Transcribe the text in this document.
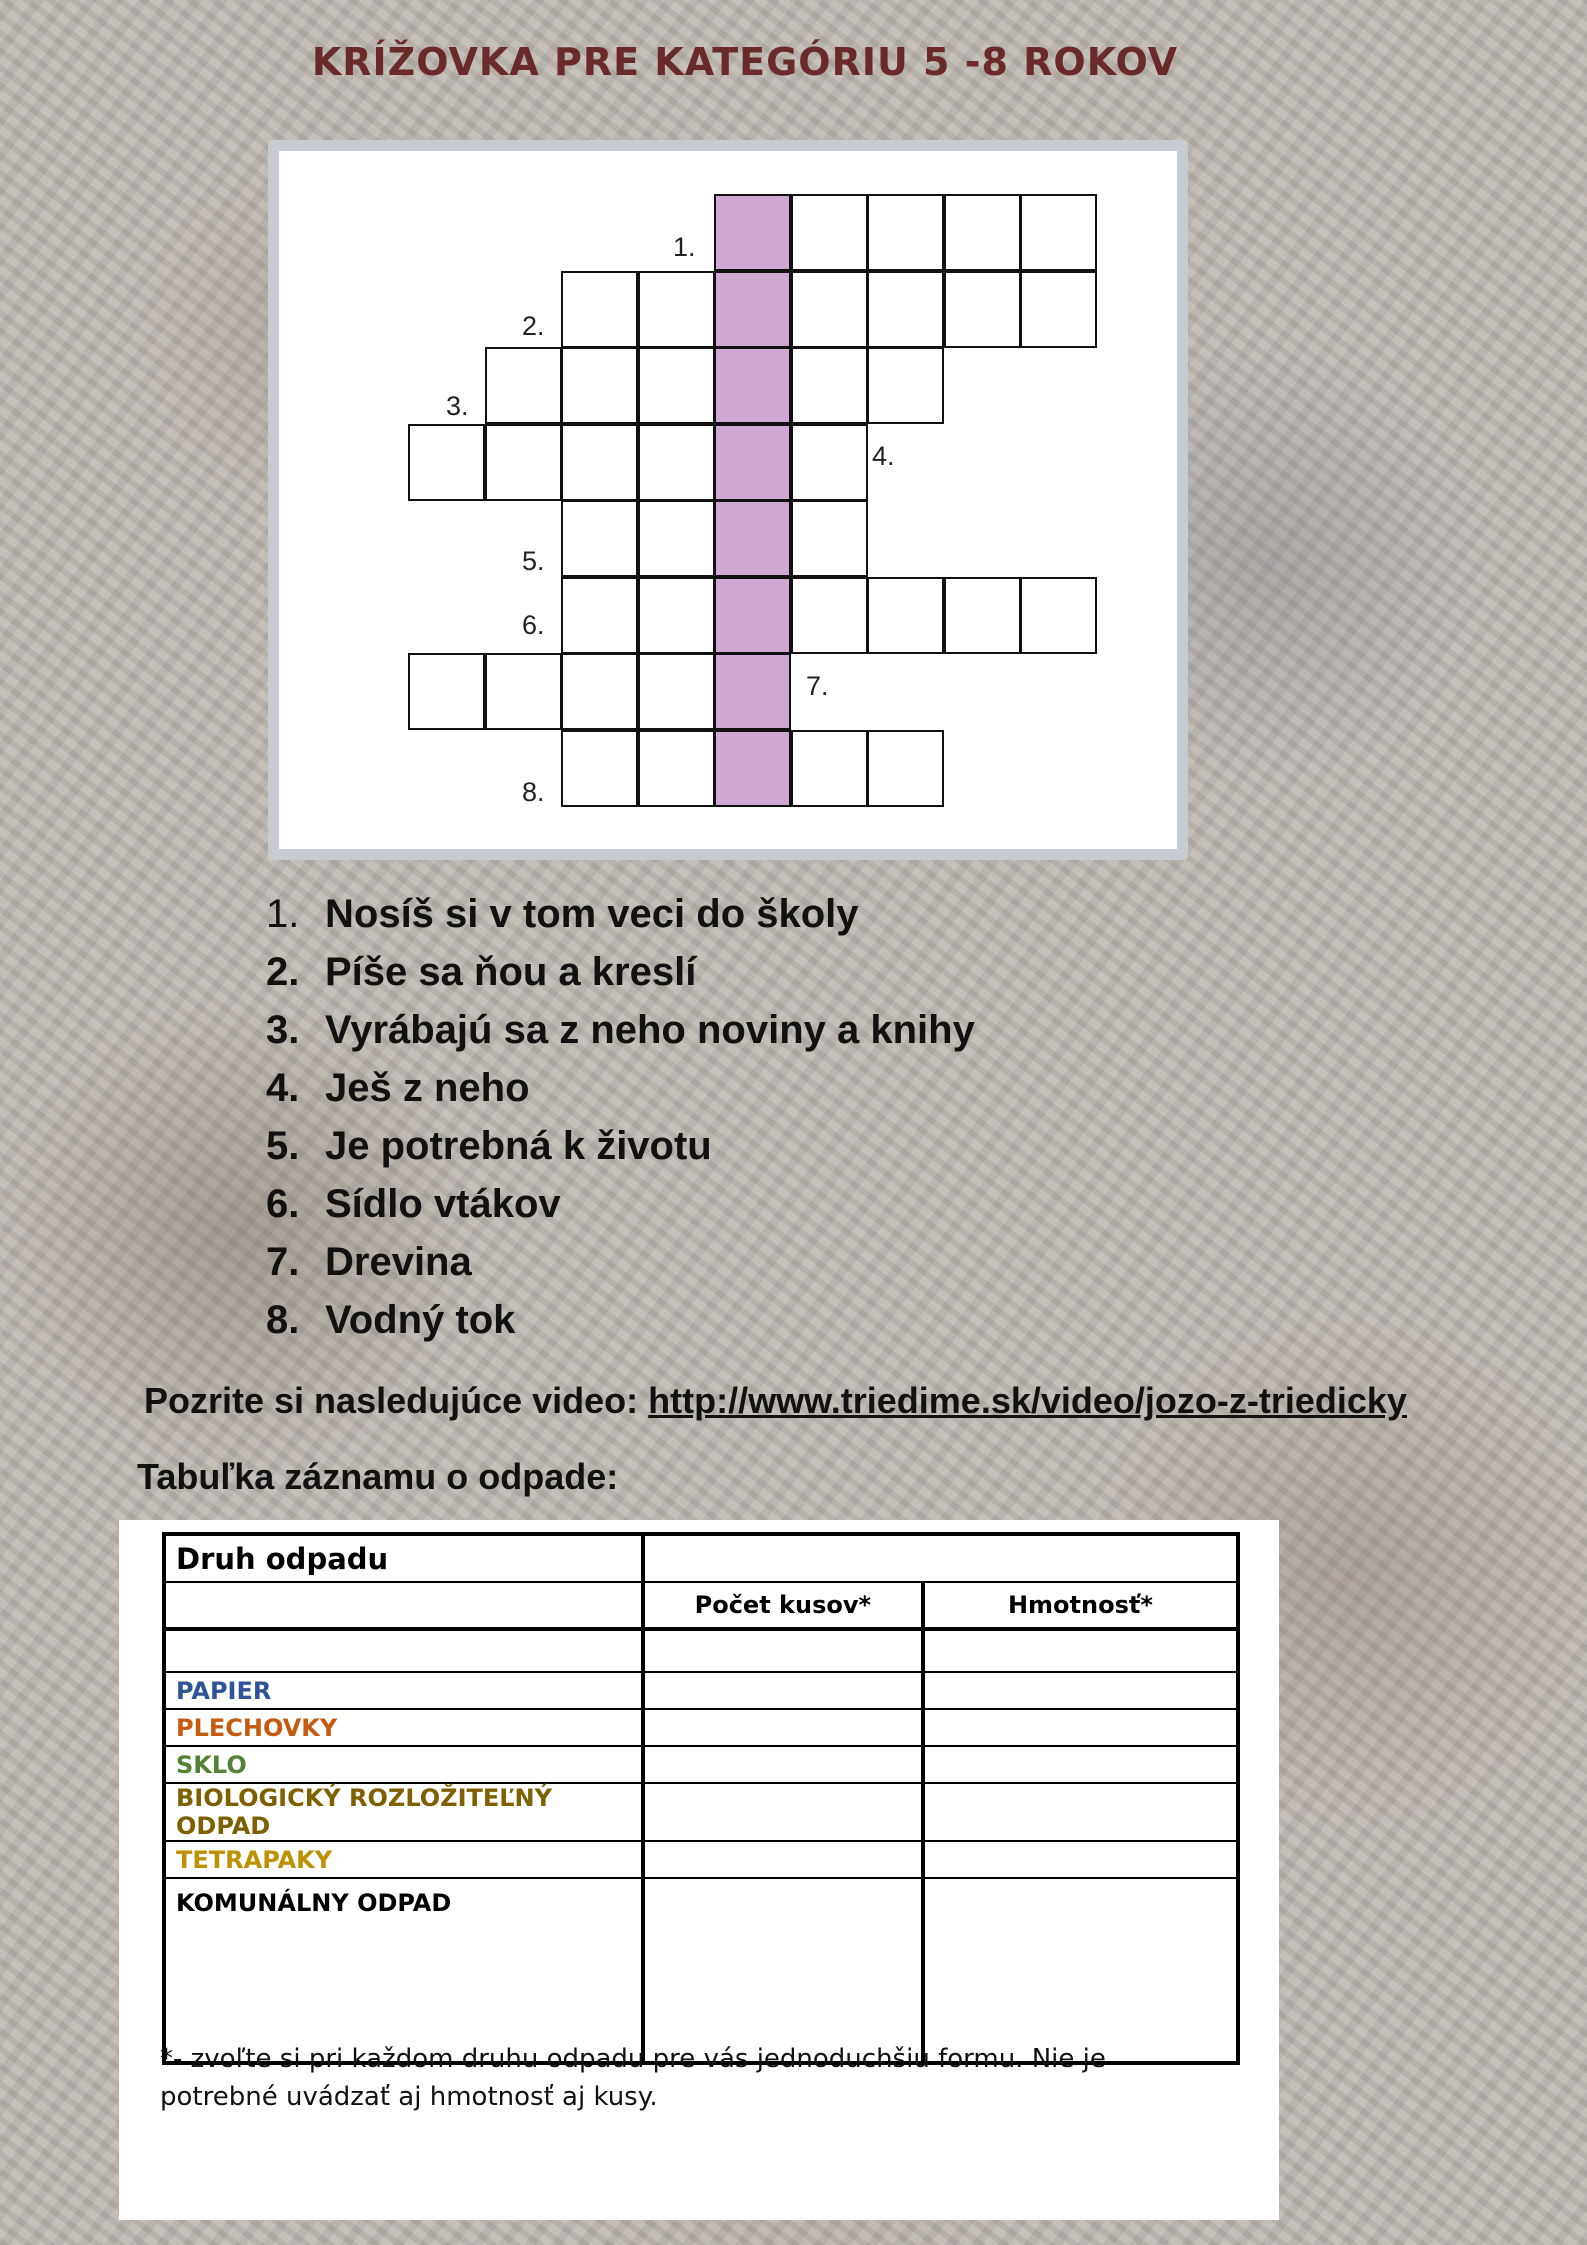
KRÍŽOVKA PRE KATEGÓRIU 5 -8 ROKOV
1.
2.
3.
4.
5.
6.
7.
8.
1. Nosíš si v tom veci do školy
2. Píše sa ňou a kreslí
3. Vyrábajú sa z neho noviny a knihy
4. Ješ z neho
5. Je potrebná k životu
6. Sídlo vtákov
7. Drevina
8. Vodný tok
Pozrite si nasledujúce video: http://www.triedime.sk/video/jozo-z-triedicky
Tabuľka záznamu o odpade:
Druh odpadu		
	Počet kusov*	Hmotnosť*

PAPIER		
PLECHOVKY		
SKLO		
BIOLOGICKÝ ROZLOŽITEĽNÝ ODPAD		
TETRAPAKY		
KOMUNÁLNY ODPAD		
*- zvoľte si pri každom druhu odpadu pre vás jednoduchšiu formu. Nie je potrebné uvádzať aj hmotnosť aj kusy.
